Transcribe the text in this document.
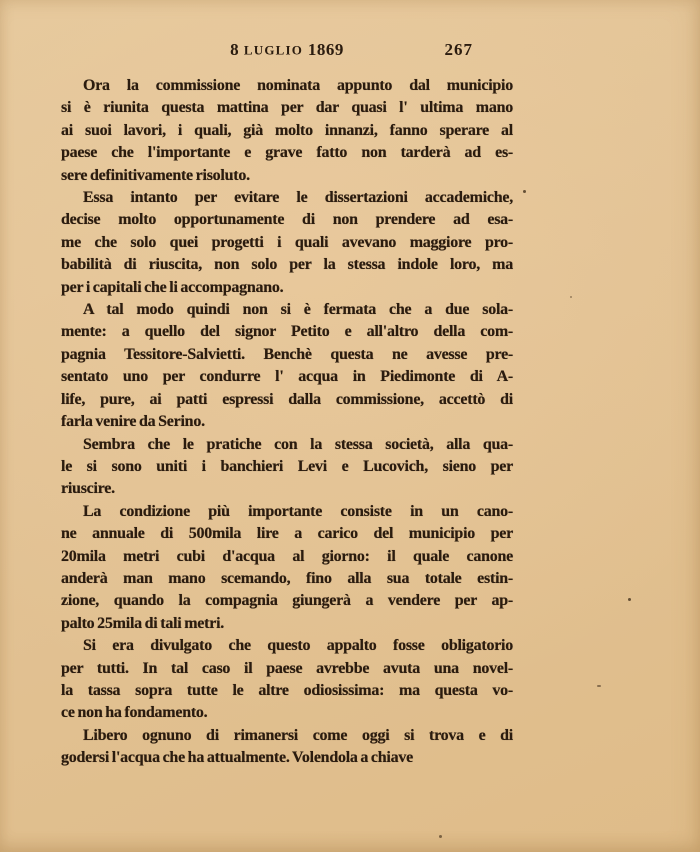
8 LUGLIO 1869	267
Ora la commissione nominata appunto dal municipio
si è riunita questa mattina per dar quasi l' ultima mano
ai suoi lavori, i quali, già molto innanzi, fanno sperare al
paese che l'importante e grave fatto non tarderà ad es-
sere definitivamente risoluto.
Essa intanto per evitare le dissertazioni accademiche,
decise molto opportunamente di non prendere ad esa-
me che solo quei progetti i quali avevano maggiore pro-
babilità di riuscita, non solo per la stessa indole loro, ma
per i capitali che li accompagnano.
A tal modo quindi non si è fermata che a due sola-
mente: a quello del signor Petito e all'altro della com-
pagnia Tessitore-Salvietti. Benchè questa ne avesse pre-
sentato uno per condurre l' acqua in Piedimonte di A-
life, pure, ai patti espressi dalla commissione, accettò di
farla venire da Serino.
Sembra che le pratiche con la stessa società, alla qua-
le si sono uniti i banchieri Levi e Lucovich, sieno per
riuscire.
La condizione più importante consiste in un cano-
ne annuale di 500mila lire a carico del municipio per
20mila metri cubi d'acqua al giorno: il quale canone
anderà man mano scemando, fino alla sua totale estin-
zione, quando la compagnia giungerà a vendere per ap-
palto 25mila di tali metri.
Si era divulgato che questo appalto fosse obligatorio
per tutti. In tal caso il paese avrebbe avuta una novel-
la tassa sopra tutte le altre odiosissima: ma questa vo-
ce non ha fondamento.
Libero ognuno di rimanersi come oggi si trova e di
godersi l'acqua che ha attualmente. Volendola a chiave
